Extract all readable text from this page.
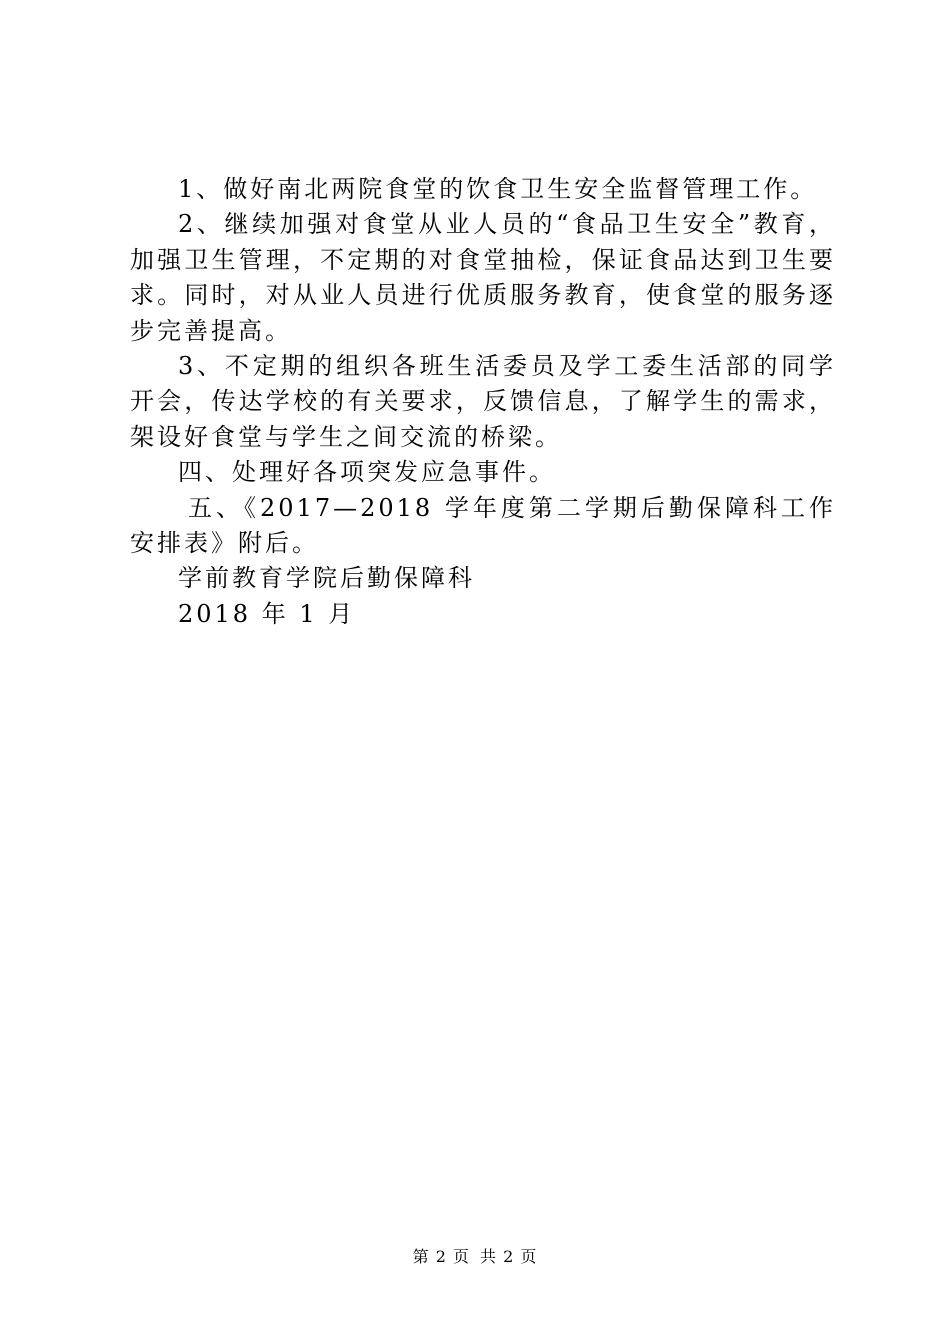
1、做好南北两院食堂的饮食卫生安全监督管理工作。

2、继续加强对食堂从业人员的“食品卫生安全”教育，加强卫生管理，不定期的对食堂抽检，保证食品达到卫生要求。同时，对从业人员进行优质服务教育，使食堂的服务逐步完善提高。

3、不定期的组织各班生活委员及学工委生活部的同学开会，传达学校的有关要求，反馈信息，了解学生的需求，架设好食堂与学生之间交流的桥梁。

四、处理好各项突发应急事件。

五、《2017—2018 学年度第二学期后勤保障科工作安排表》附后。

学前教育学院后勤保障科

2018 年 1 月

第 2 页 共 2 页
